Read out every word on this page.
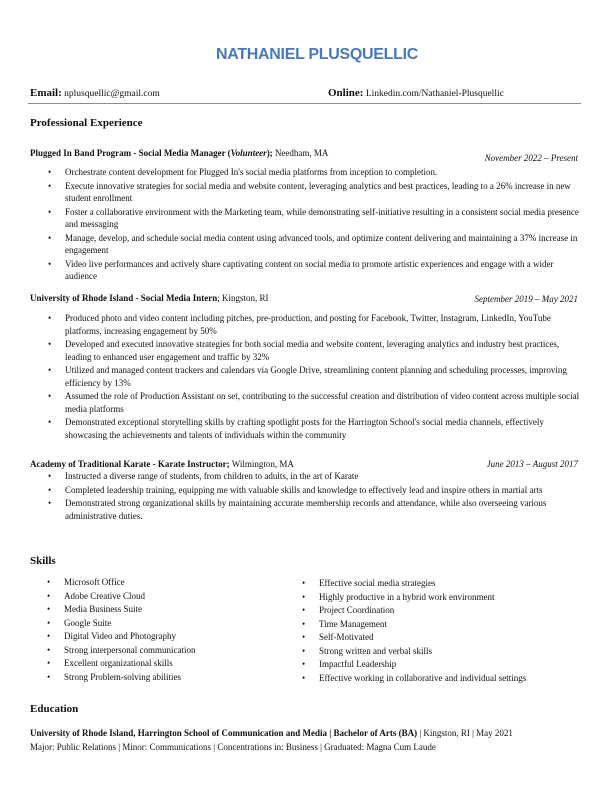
NATHANIEL PLUSQUELLIC
Email: nplusquellic@gmail.com	Online: Linkedin.com/Nathaniel-Plusquellic
Professional Experience
Plugged In Band Program - Social Media Manager (Volunteer); Needham, MA	November 2022 – Present
• Orchestrate content development for Plugged In's social media platforms from inception to completion.
• Execute innovative strategies for social media and website content, leveraging analytics and best practices, leading to a 26% increase in new student enrollment
• Foster a collaborative environment with the Marketing team, while demonstrating self-initiative resulting in a consistent social media presence and messaging
• Manage, develop, and schedule social media content using advanced tools, and optimize content delivering and maintaining a 37% increase in engagement
• Video live performances and actively share captivating content on social media to promote artistic experiences and engage with a wider audience
University of Rhode Island - Social Media Intern; Kingston, RI	September 2019 – May 2021
• Produced photo and video content including pitches, pre-production, and posting for Facebook, Twitter, Instagram, LinkedIn, YouTube platforms, increasing engagement by 50%
• Developed and executed innovative strategies for both social media and website content, leveraging analytics and industry best practices, leading to enhanced user engagement and traffic by 32%
• Utilized and managed content trackers and calendars via Google Drive, streamlining content planning and scheduling processes, improving efficiency by 13%
• Assumed the role of Production Assistant on set, contributing to the successful creation and distribution of video content across multiple social media platforms
• Demonstrated exceptional storytelling skills by crafting spotlight posts for the Harrington School's social media channels, effectively showcasing the achievements and talents of individuals within the community
Academy of Traditional Karate - Karate Instructor; Wilmington, MA	June 2013 – August 2017
• Instructed a diverse range of students, from children to adults, in the art of Karate
• Completed leadership training, equipping me with valuable skills and knowledge to effectively lead and inspire others in martial arts
• Demonstrated strong organizational skills by maintaining accurate membership records and attendance, while also overseeing various administrative duties.
Skills
• Microsoft Office
• Adobe Creative Cloud
• Media Business Suite
• Google Suite
• Digital Video and Photography
• Strong interpersonal communication
• Excellent organizational skills
• Strong Problem-solving abilities
• Effective social media strategies
• Highly productive in a hybrid work environment
• Project Coordination
• Time Management
• Self-Motivated
• Strong written and verbal skills
• Impactful Leadership
• Effective working in collaborative and individual settings
Education
University of Rhode Island, Harrington School of Communication and Media | Bachelor of Arts (BA) | Kingston, RI | May 2021
Major: Public Relations | Minor: Communications | Concentrations in: Business | Graduated: Magna Cum Laude
